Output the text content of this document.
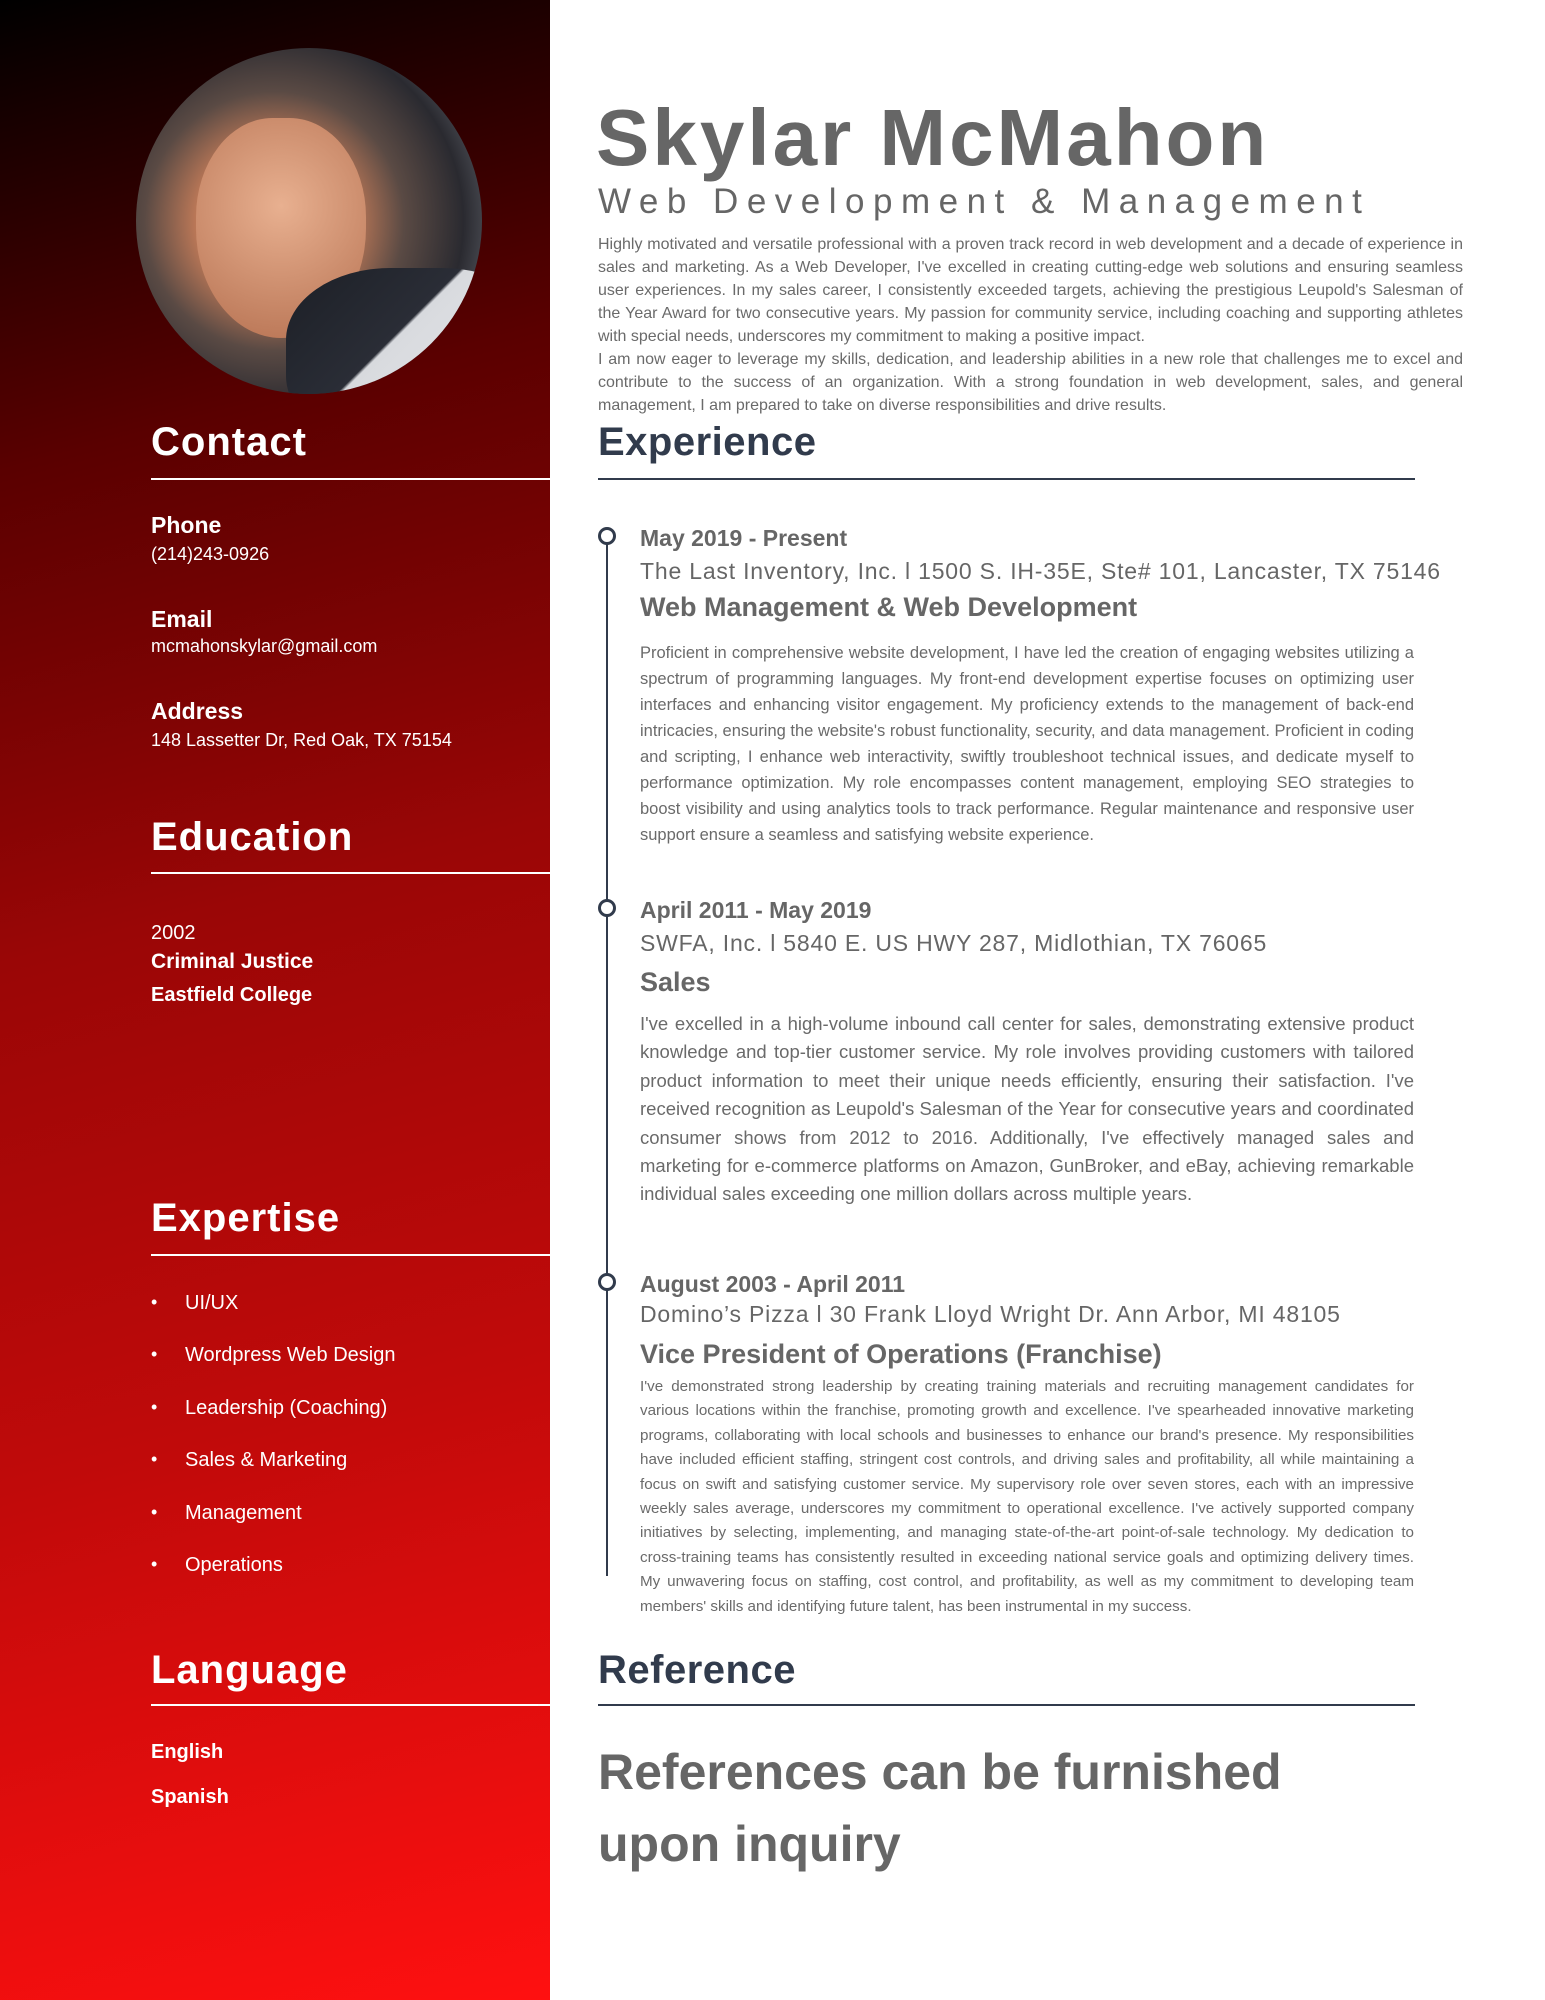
Contact
Phone
(214)243-0926
Email
mcmahonskylar@gmail.com
Address
148 Lassetter Dr, Red Oak, TX 75154
Education
2002
Criminal Justice
Eastfield College
Expertise
UI/UX
Wordpress Web Design
Leadership (Coaching)
Sales & Marketing
Management
Operations
Language
English
Spanish
Skylar McMahon
Web Development & Management
Highly motivated and versatile professional with a proven track record in web development and a decade of experience in sales and marketing. As a Web Developer, I've excelled in creating cutting-edge web solutions and ensuring seamless user experiences. In my sales career, I consistently exceeded targets, achieving the prestigious Leupold's Salesman of the Year Award for two consecutive years. My passion for community service, including coaching and supporting athletes with special needs, underscores my commitment to making a positive impact.
I am now eager to leverage my skills, dedication, and leadership abilities in a new role that challenges me to excel and contribute to the success of an organization. With a strong foundation in web development, sales, and general management, I am prepared to take on diverse responsibilities and drive results.
Experience
May 2019 - Present
The Last Inventory, Inc. l 1500 S. IH-35E, Ste# 101, Lancaster, TX 75146
Web Management & Web Development
Proficient in comprehensive website development, I have led the creation of engaging websites utilizing a spectrum of programming languages. My front-end development expertise focuses on optimizing user interfaces and enhancing visitor engagement. My proficiency extends to the management of back-end intricacies, ensuring the website's robust functionality, security, and data management. Proficient in coding and scripting, I enhance web interactivity, swiftly troubleshoot technical issues, and dedicate myself to performance optimization. My role encompasses content management, employing SEO strategies to boost visibility and using analytics tools to track performance. Regular maintenance and responsive user support ensure a seamless and satisfying website experience.
April 2011 - May 2019
SWFA, Inc. l 5840 E. US HWY 287, Midlothian, TX 76065
Sales
I've excelled in a high-volume inbound call center for sales, demonstrating extensive product knowledge and top-tier customer service. My role involves providing customers with tailored product information to meet their unique needs efficiently, ensuring their satisfaction. I've received recognition as Leupold's Salesman of the Year for consecutive years and coordinated consumer shows from 2012 to 2016. Additionally, I've effectively managed sales and marketing for e-commerce platforms on Amazon, GunBroker, and eBay, achieving remarkable individual sales exceeding one million dollars across multiple years.
August 2003 - April 2011
Domino’s Pizza l 30 Frank Lloyd Wright Dr. Ann Arbor, MI 48105
Vice President of Operations (Franchise)
I've demonstrated strong leadership by creating training materials and recruiting management candidates for various locations within the franchise, promoting growth and excellence. I've spearheaded innovative marketing programs, collaborating with local schools and businesses to enhance our brand's presence. My responsibilities have included efficient staffing, stringent cost controls, and driving sales and profitability, all while maintaining a focus on swift and satisfying customer service. My supervisory role over seven stores, each with an impressive weekly sales average, underscores my commitment to operational excellence. I've actively supported company initiatives by selecting, implementing, and managing state-of-the-art point-of-sale technology. My dedication to cross-training teams has consistently resulted in exceeding national service goals and optimizing delivery times. My unwavering focus on staffing, cost control, and profitability, as well as my commitment to developing team members' skills and identifying future talent, has been instrumental in my success.
Reference
References can be furnished upon inquiry
